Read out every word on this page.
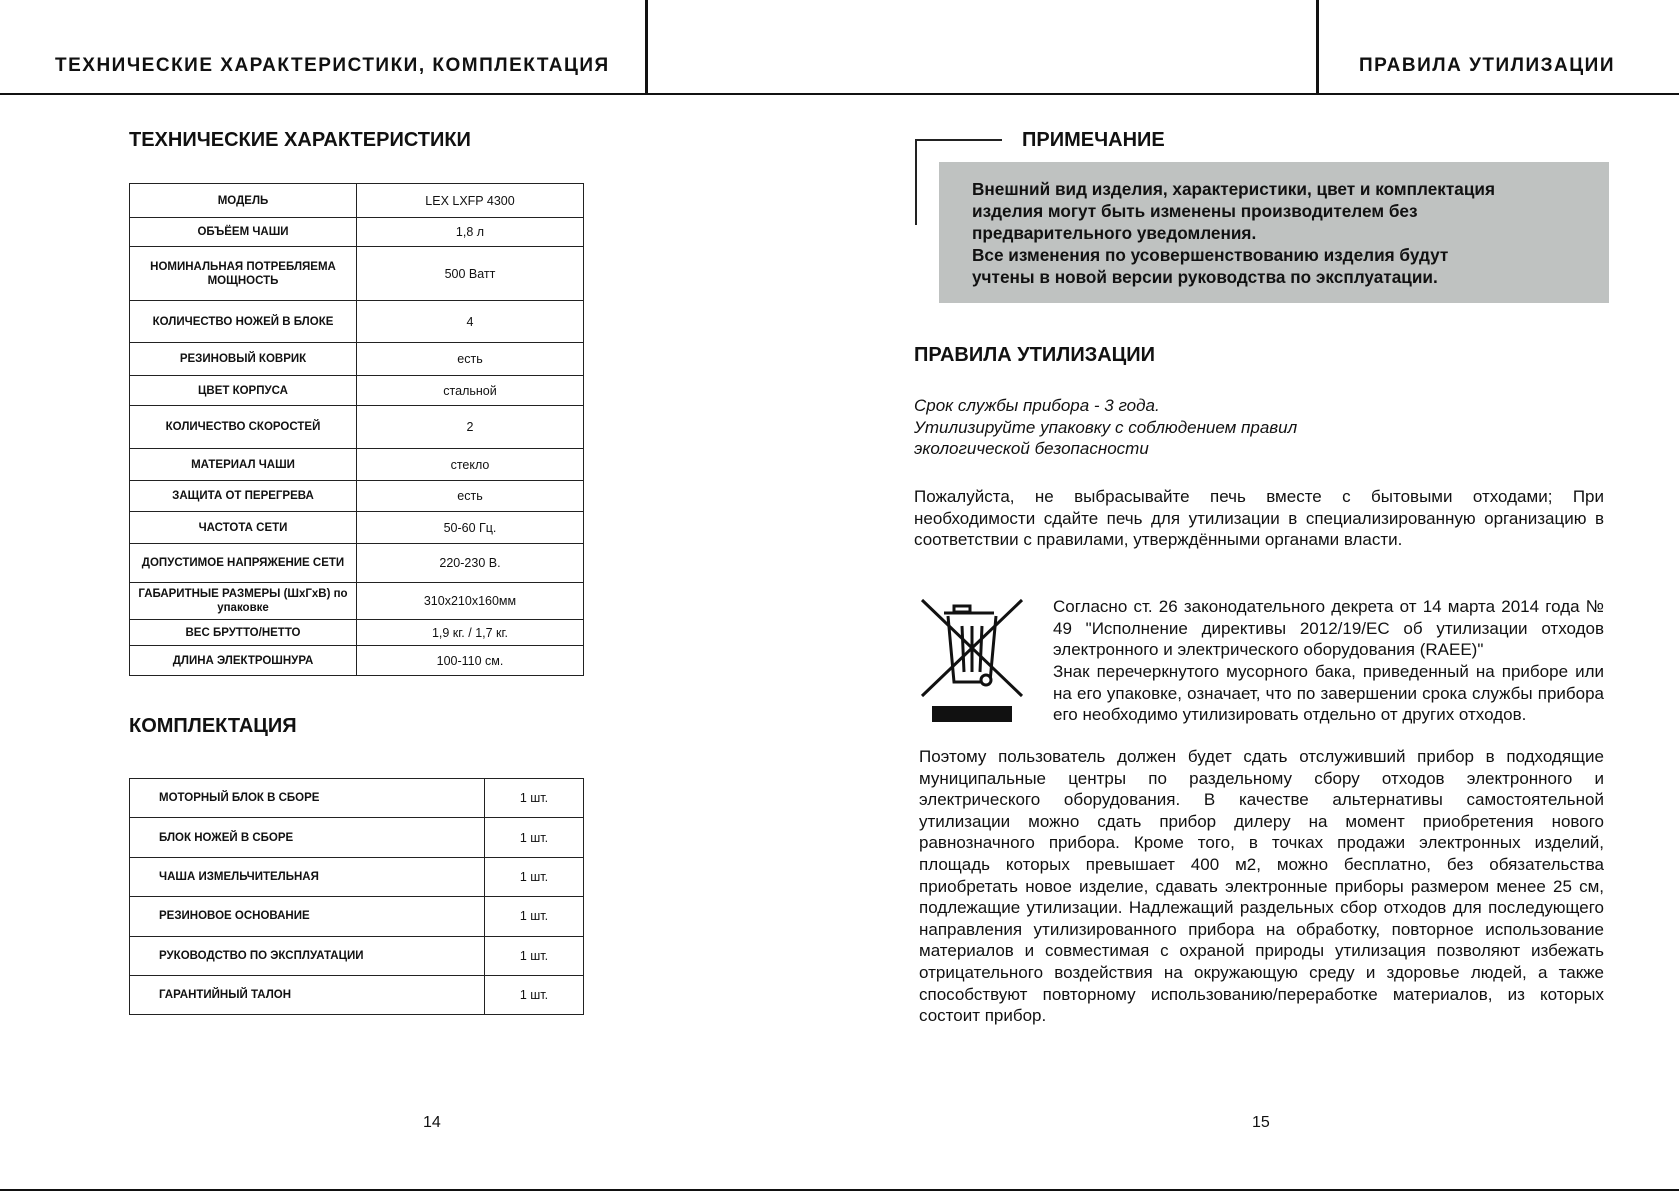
ТЕХНИЧЕСКИЕ ХАРАКТЕРИСТИКИ, КОМПЛЕКТАЦИЯ	ПРАВИЛА УТИЛИЗАЦИИ
ТЕХНИЧЕСКИЕ ХАРАКТЕРИСТИКИ
МОДЕЛЬ	LEX LXFP 4300
ОБЪЁЕМ ЧАШИ	1,8 л
НОМИНАЛЬНАЯ ПОТРЕБЛЯЕМА МОЩНОСТЬ	500 Ватт
КОЛИЧЕСТВО НОЖЕЙ В БЛОКЕ	4
РЕЗИНОВЫЙ КОВРИК	есть
ЦВЕТ КОРПУСА	стальной
КОЛИЧЕСТВО СКОРОСТЕЙ	2
МАТЕРИАЛ ЧАШИ	стекло
ЗАЩИТА ОТ ПЕРЕГРЕВА	есть
ЧАСТОТА СЕТИ	50-60 Гц.
ДОПУСТИМОЕ НАПРЯЖЕНИЕ СЕТИ	220-230 В.
ГАБАРИТНЫЕ РАЗМЕРЫ (ШхГхВ) по упаковке	310x210x160мм
ВЕС БРУТТО/НЕТТО	1,9 кг. / 1,7 кг.
ДЛИНА ЭЛЕКТРОШНУРА	100-110 см.
КОМПЛЕКТАЦИЯ
МОТОРНЫЙ БЛОК В СБОРЕ	1 шт.
БЛОК НОЖЕЙ В СБОРЕ	1 шт.
ЧАША ИЗМЕЛЬЧИТЕЛЬНАЯ	1 шт.
РЕЗИНОВОЕ ОСНОВАНИЕ	1 шт.
РУКОВОДСТВО ПО ЭКСПЛУАТАЦИИ	1 шт.
ГАРАНТИЙНЫЙ ТАЛОН	1 шт.
ПРИМЕЧАНИЕ
Внешний вид изделия, характеристики, цвет и комплектация
изделия могут быть изменены производителем без
предварительного уведомления.
Все изменения по усовершенствованию изделия будут
учтены в новой версии руководства по эксплуатации.
ПРАВИЛА УТИЛИЗАЦИИ
Срок службы прибора - 3 года.
Утилизируйте упаковку с соблюдением правил
экологической безопасности
Пожалуйста, не выбрасывайте печь вместе с бытовыми отходами; При необходимости сдайте печь для утилизации в специализированную организацию в соответствии с правилами, утверждёнными органами власти.
Согласно ст. 26 законодательного декрета от 14 марта 2014 года № 49 "Исполнение директивы 2012/19/EC об утилизации отходов электронного и электрического оборудования (RAEE)"
Знак перечеркнутого мусорного бака, приведенный на приборе или на его упаковке, означает, что по завершении срока службы прибора его необходимо утилизировать отдельно от других отходов.
Поэтому пользователь должен будет сдать отслуживший прибор в подходящие муниципальные центры по раздельному сбору отходов электронного и электрического оборудования. В качестве альтернативы самостоятельной утилизации можно сдать прибор дилеру на момент приобретения нового равнозначного прибора. Кроме того, в точках продажи электронных изделий, площадь которых превышает 400 м2, можно бесплатно, без обязательства приобретать новое изделие, сдавать электронные приборы размером менее 25 см, подлежащие утилизации. Надлежащий раздельных сбор отходов для последующего направления утилизированного прибора на обработку, повторное использование материалов и совместимая с охраной природы утилизация позволяют избежать отрицательного воздействия на окружающую среду и здоровье людей, а также способствуют повторному использованию/переработке материалов, из которых состоит прибор.
14	15
